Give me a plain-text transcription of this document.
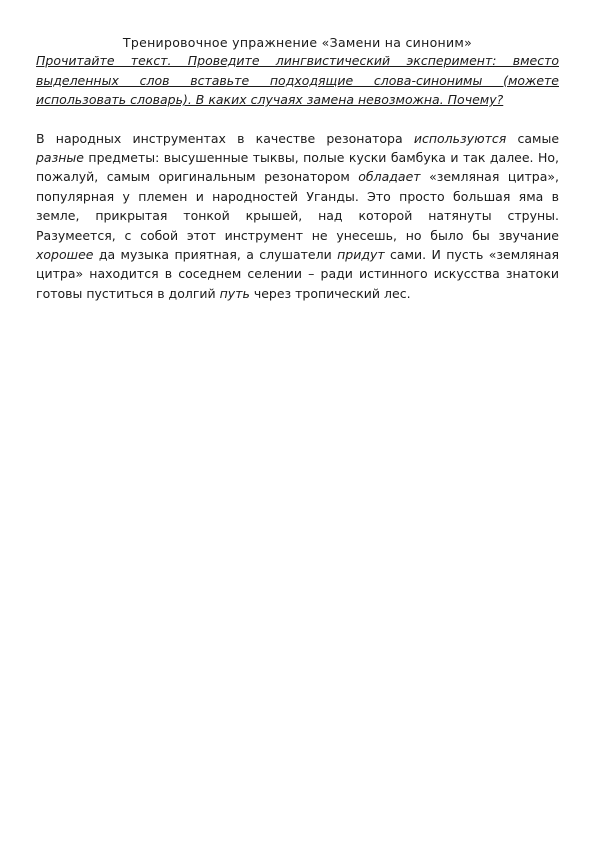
Тренировочное упражнение «Замени на синоним»

Прочитайте текст. Проведите лингвистический эксперимент: вместо выделенных слов вставьте подходящие слова-синонимы (можете использовать словарь). В каких случаях замена невозможна. Почему?

В народных инструментах в качестве резонатора используются самые разные предметы: высушенные тыквы, полые куски бамбука и так далее. Но, пожалуй, самым оригинальным резонатором обладает «земляная цитра», популярная у племен и народностей Уганды. Это просто большая яма в земле, прикрытая тонкой крышей, над которой натянуты струны. Разумеется, с собой этот инструмент не унесешь, но было бы звучание хорошее да музыка приятная, а слушатели придут сами. И пусть «земляная цитра» находится в соседнем селении – ради истинного искусства знатоки готовы пуститься в долгий путь через тропический лес.
